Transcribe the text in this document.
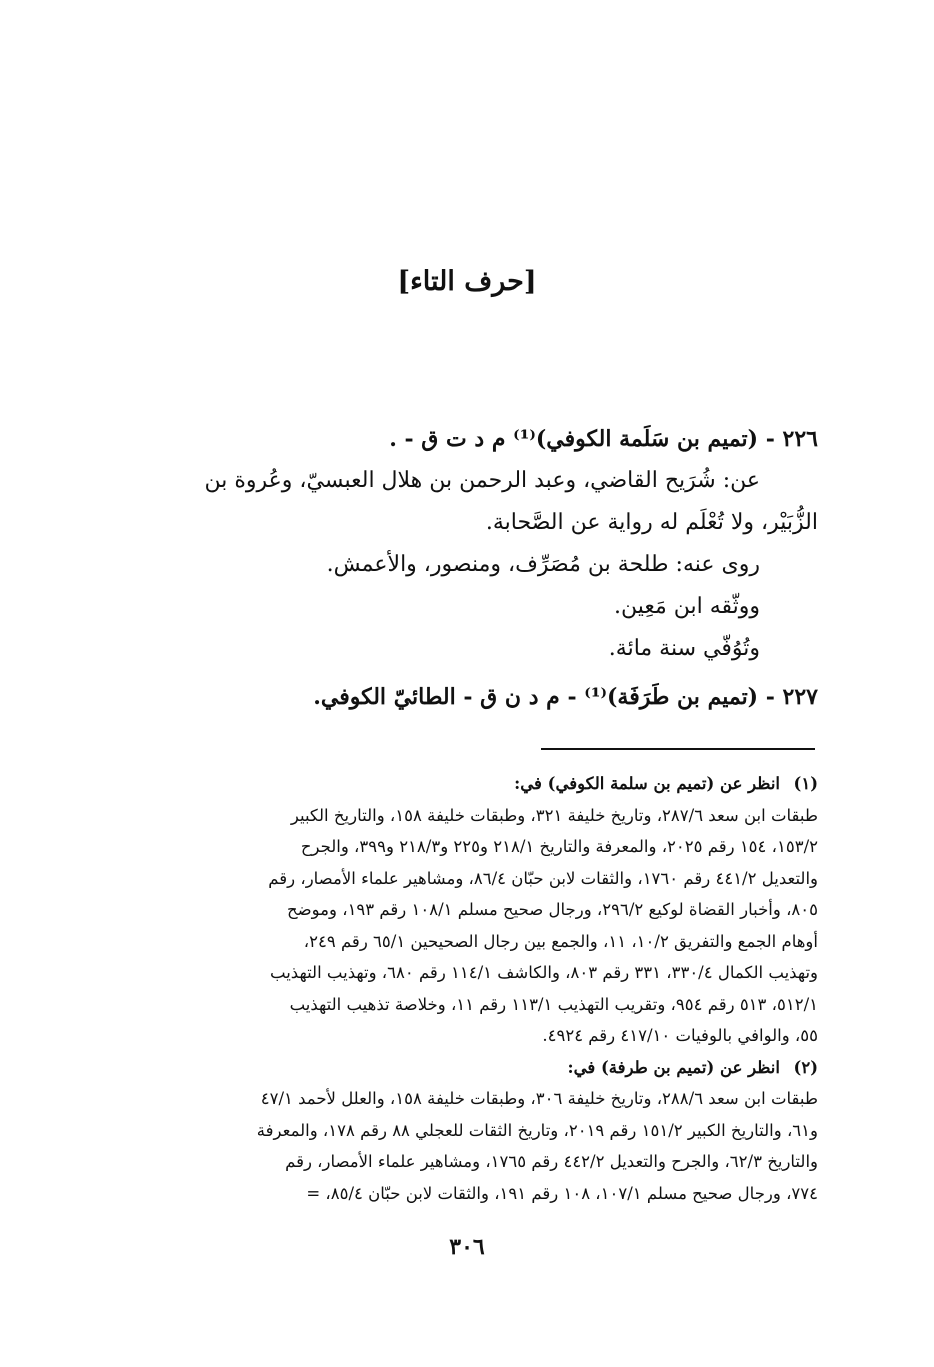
[حرف التاء]
٢٢٦ - (تميم بن سَلَمة الكوفي)⁽¹⁾ م د ت ق - .
عن: شُرَيح القاضي، وعبد الرحمن بن هلال العبسيّ، وعُروة بن
الزُّبَيْر، ولا تُعْلَم له رواية عن الصَّحابة.
روى عنه: طلحة بن مُصَرِّف، ومنصور، والأعمش.
ووثّقه ابن مَعِين.
وتُوُفّي سنة مائة.
٢٢٧ - (تميم بن طَرَفَة)⁽¹⁾ - م د ن ق - الطائيّ الكوفي.
(١)انظر عن (تميم بن سلمة الكوفي) في:
طبقات ابن سعد ٢٨٧/٦، وتاريخ خليفة ٣٢١، وطبقات خليفة ١٥٨، والتاريخ الكبير
١٥٣/٢، ١٥٤ رقم ٢٠٢٥، والمعرفة والتاريخ ٢١٨/١ و٢٢٥ و٢١٨/٣ و٣٩٩، والجرح
والتعديل ٤٤١/٢ رقم ١٧٦٠، والثقات لابن حبّان ٨٦/٤، ومشاهير علماء الأمصار، رقم
٨٠٥، وأخبار القضاة لوكيع ٢٩٦/٢، ورجال صحيح مسلم ١٠٨/١ رقم ١٩٣، وموضح
أوهام الجمع والتفريق ١٠/٢، ١١، والجمع بين رجال الصحيحين ٦٥/١ رقم ٢٤٩،
وتهذيب الكمال ٣٣٠/٤، ٣٣١ رقم ٨٠٣، والكاشف ١١٤/١ رقم ٦٨٠، وتهذيب التهذيب
٥١٢/١، ٥١٣ رقم ٩٥٤، وتقريب التهذيب ١١٣/١ رقم ١١، وخلاصة تذهيب التهذيب
٥٥، والوافي بالوفيات ٤١٧/١٠ رقم ٤٩٢٤.
(٢)انظر عن (تميم بن طرفة) في:
طبقات ابن سعد ٢٨٨/٦، وتاريخ خليفة ٣٠٦، وطبقات خليفة ١٥٨، والعلل لأحمد ٤٧/١
و٦١، والتاريخ الكبير ١٥١/٢ رقم ٢٠١٩، وتاريخ الثقات للعجلي ٨٨ رقم ١٧٨، والمعرفة
والتاريخ ٦٢/٣، والجرح والتعديل ٤٤٢/٢ رقم ١٧٦٥، ومشاهير علماء الأمصار، رقم
٧٧٤، ورجال صحيح مسلم ١٠٧/١، ١٠٨ رقم ١٩١، والثقات لابن حبّان ٨٥/٤، =
٣٠٦
